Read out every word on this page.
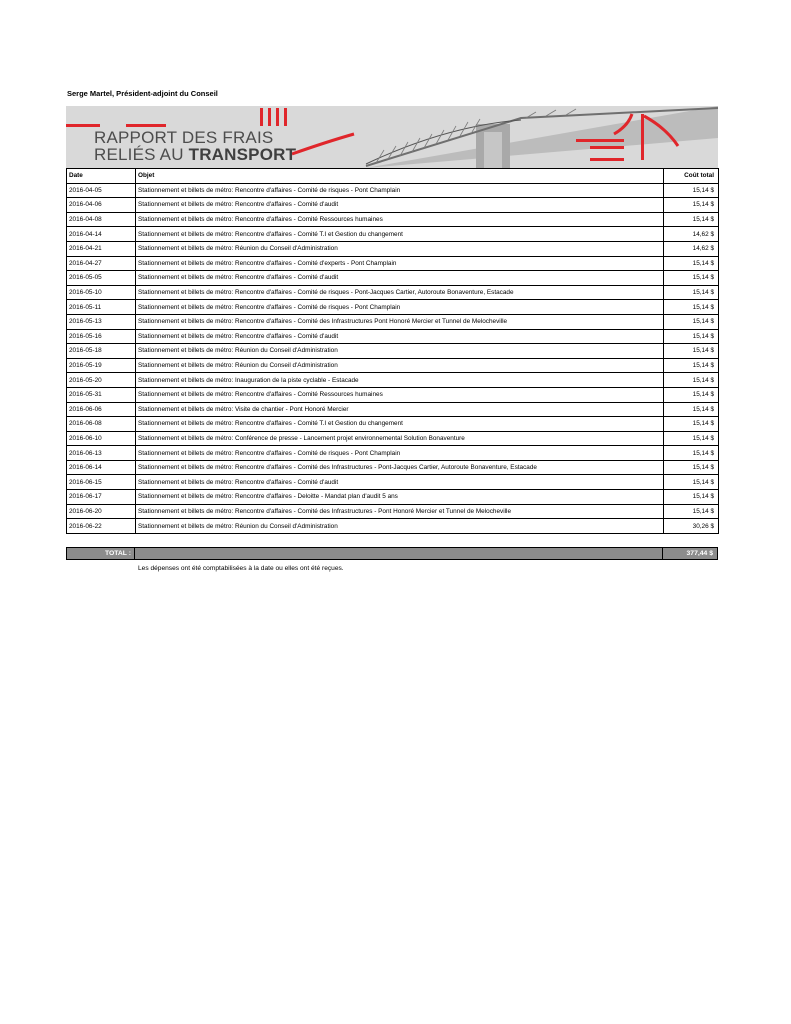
Serge Martel, Président-adjoint du Conseil
RAPPORT DES FRAIS
RELIÉS AU TRANSPORT
Date	Objet	Coût total
2016-04-05	Stationnement et billets de métro: Rencontre d'affaires - Comité de risques - Pont Champlain	15,14 $
2016-04-06	Stationnement et billets de métro: Rencontre d'affaires - Comité d'audit	15,14 $
2016-04-08	Stationnement et billets de métro: Rencontre d'affaires - Comité Ressources humaines	15,14 $
2016-04-14	Stationnement et billets de métro: Rencontre d'affaires - Comité T.I et Gestion du changement	14,62 $
2016-04-21	Stationnement et billets de métro: Réunion du Conseil d'Administration	14,62 $
2016-04-27	Stationnement et billets de métro: Rencontre d'affaires - Comité d'experts - Pont Champlain	15,14 $
2016-05-05	Stationnement et billets de métro: Rencontre d'affaires - Comité d'audit	15,14 $
2016-05-10	Stationnement et billets de métro: Rencontre d'affaires - Comité de risques - Pont-Jacques Cartier, Autoroute Bonaventure, Estacade	15,14 $
2016-05-11	Stationnement et billets de métro: Rencontre d'affaires - Comité de risques - Pont Champlain	15,14 $
2016-05-13	Stationnement et billets de métro: Rencontre d'affaires - Comité des Infrastructures Pont Honoré Mercier et Tunnel de Melocheville	15,14 $
2016-05-16	Stationnement et billets de métro: Rencontre d'affaires - Comité d'audit	15,14 $
2016-05-18	Stationnement et billets de métro: Réunion du Conseil d'Administration	15,14 $
2016-05-19	Stationnement et billets de métro: Réunion du Conseil d'Administration	15,14 $
2016-05-20	Stationnement et billets de métro: Inauguration de la piste cyclable - Estacade	15,14 $
2016-05-31	Stationnement et billets de métro: Rencontre d'affaires - Comité Ressources humaines	15,14 $
2016-06-06	Stationnement et billets de métro: Visite de chantier - Pont Honoré Mercier	15,14 $
2016-06-08	Stationnement et billets de métro: Rencontre d'affaires - Comité T.I et Gestion du changement	15,14 $
2016-06-10	Stationnement et billets de métro: Conférence de presse - Lancement projet environnemental Solution Bonaventure	15,14 $
2016-06-13	Stationnement et billets de métro: Rencontre d'affaires - Comité de risques - Pont Champlain	15,14 $
2016-06-14	Stationnement et billets de métro: Rencontre d'affaires - Comité des Infrastructures - Pont-Jacques Cartier, Autoroute Bonaventure, Estacade	15,14 $
2016-06-15	Stationnement et billets de métro: Rencontre d'affaires - Comité d'audit	15,14 $
2016-06-17	Stationnement et billets de métro: Rencontre d'affaires - Deloitte - Mandat plan d'audit 5 ans	15,14 $
2016-06-20	Stationnement et billets de métro: Rencontre d'affaires - Comité des Infrastructures - Pont Honoré Mercier et Tunnel de Melocheville	15,14 $
2016-06-22	Stationnement et billets de métro: Réunion du Conseil d'Administration	30,26 $
TOTAL :	377,44 $
Les dépenses ont été comptabilisées à la date ou elles ont été reçues.
